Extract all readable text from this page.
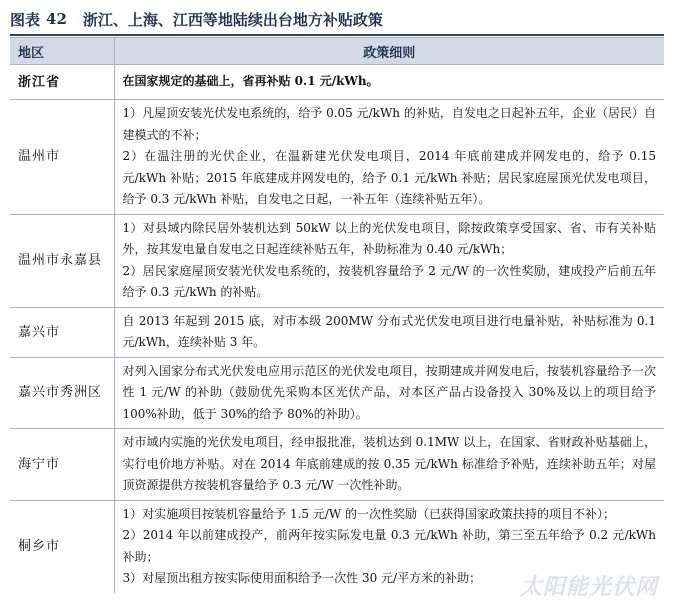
图表 42 浙江、上海、江西等地陆续出台地方补贴政策
地区	政策细则
浙江省	在国家规定的基础上，省再补贴 0.1 元/kWh。

温州市	1）凡屋顶安装光伏发电系统的，给予 0.05 元/kWh 的补贴，自发电之日起补五年，企业（居民）自建模式的不补；
2）在温注册的光伏企业，在温新建光伏发电项目，2014 年底前建成并网发电的，给予 0.15 元/kWh 补贴；2015 年底建成并网发电的，给予 0.1 元/kWh 补贴；居民家庭屋顶光伏发电项目，给予 0.3 元/kWh 补贴，自发电之日起，一补五年（连续补贴五年）。

温州市永嘉县	1）对县域内除民居外装机达到 50kW 以上的光伏发电项目，除按政策享受国家、省、市有关补贴外，按其发电量自发电之日起连续补贴五年，补助标准为 0.40 元/kWh；
2）居民家庭屋顶安装光伏发电系统的，按装机容量给予 2 元/W 的一次性奖励，建成投产后前五年给予 0.3 元/kWh 的补贴。

嘉兴市	自 2013 年起到 2015 底，对市本级 200MW 分布式光伏发电项目进行电量补贴，补贴标准为 0.1 元/kWh，连续补贴 3 年。

嘉兴市秀洲区	对列入国家分布式光伏发电应用示范区的光伏发电项目，按期建成并网发电后，按装机容量给予一次性 1 元/W 的补助（鼓励优先采购本区光伏产品，对本区产品占设备投入 30%及以上的项目给予 100%补助，低于 30%的给予 80%的补助）。

海宁市	对市域内实施的光伏发电项目，经申报批准，装机达到 0.1MW 以上，在国家、省财政补贴基础上，实行电价地方补贴。对在 2014 年底前建成的按 0.35 元/kWh 标准给予补贴，连续补助五年；对屋顶资源提供方按装机容量给予 0.3 元/W 一次性补助。

桐乡市	1）对实施项目按装机容量给予 1.5 元/W 的一次性奖励（已获得国家政策扶持的项目不补）；
2）2014 年以前建成投产，前两年按实际发电量 0.3 元/kWh 补助，第三至五年给予 0.2 元/kWh 补助；
3）对屋顶出租方按实际使用面积给予一次性 30 元/平方米的补助；	太阳能光伏网
